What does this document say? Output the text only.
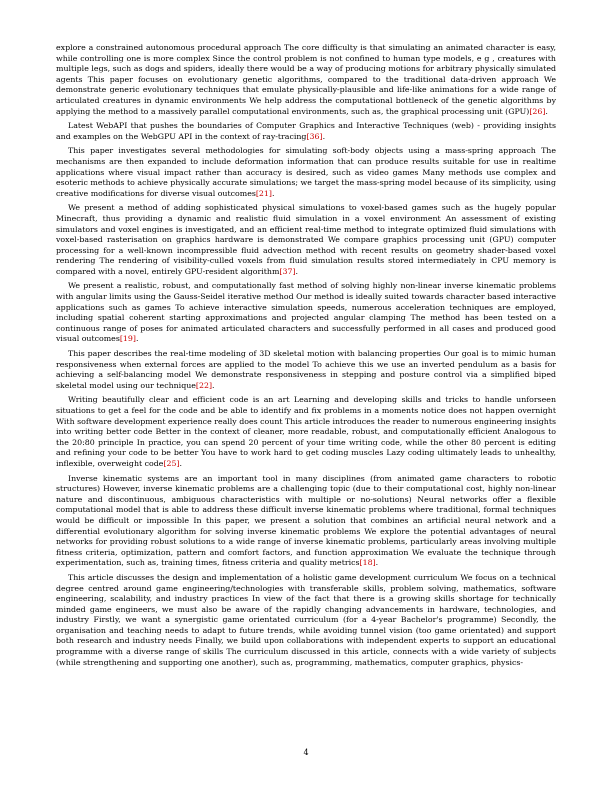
explore a constrained autonomous procedural approach The core difficulty is that simulating an animated character is easy, while controlling one is more complex Since the control problem is not confined to human type models, e g , creatures with multiple legs, such as dogs and spiders, ideally there would be a way of producing motions for arbitrary physically simulated agents This paper focuses on evolutionary genetic algorithms, compared to the traditional data-driven approach We demonstrate generic evolutionary techniques that emulate physically-plausible and life-like animations for a wide range of articulated creatures in dynamic environments We help address the computational bottleneck of the genetic algorithms by applying the method to a massively parallel computational environments, such as, the graphical processing unit (GPU)[26].

Latest WebAPI that pushes the boundaries of Computer Graphics and Interactive Techniques (web) - providing insights and examples on the WebGPU API in the context of ray-tracing[36].

This paper investigates several methodologies for simulating soft-body objects using a mass-spring approach The mechanisms are then expanded to include deformation information that can produce results suitable for use in realtime applications where visual impact rather than accuracy is desired, such as video games Many methods use complex and esoteric methods to achieve physically accurate simulations; we target the mass-spring model because of its simplicity, using creative modifications for diverse visual outcomes[21].

We present a method of adding sophisticated physical simulations to voxel-based games such as the hugely popular Minecraft, thus providing a dynamic and realistic fluid simulation in a voxel environment An assessment of existing simulators and voxel engines is investigated, and an efficient real-time method to integrate optimized fluid simulations with voxel-based rasterisation on graphics hardware is demonstrated We compare graphics processing unit (GPU) computer processing for a well-known incompressible fluid advection method with recent results on geometry shader-based voxel rendering The rendering of visibility-culled voxels from fluid simulation results stored intermediately in CPU memory is compared with a novel, entirely GPU-resident algorithm[37].

We present a realistic, robust, and computationally fast method of solving highly non-linear inverse kinematic problems with angular limits using the Gauss-Seidel iterative method Our method is ideally suited towards character based interactive applications such as games To achieve interactive simulation speeds, numerous acceleration techniques are employed, including spatial coherent starting approximations and projected angular clamping The method has been tested on a continuous range of poses for animated articulated characters and successfully performed in all cases and produced good visual outcomes[19].

This paper describes the real-time modeling of 3D skeletal motion with balancing properties Our goal is to mimic human responsiveness when external forces are applied to the model To achieve this we use an inverted pendulum as a basis for achieving a self-balancing model We demonstrate responsiveness in stepping and posture control via a simplified biped skeletal model using our technique[22].

Writing beautifully clear and efficient code is an art Learning and developing skills and tricks to handle unforseen situations to get a feel for the code and be able to identify and fix problems in a moments notice does not happen overnight With software development experience really does count This article introduces the reader to numerous engineering insights into writing better code Better in the context of cleaner, more readable, robust, and computationally efficient Analogous to the 20:80 principle In practice, you can spend 20 percent of your time writing code, while the other 80 percent is editing and refining your code to be better You have to work hard to get coding muscles Lazy coding ultimately leads to unhealthy, inflexible, overweight code[25].

Inverse kinematic systems are an important tool in many disciplines (from animated game characters to robotic structures) However, inverse kinematic problems are a challenging topic (due to their computational cost, highly non-linear nature and discontinuous, ambiguous characteristics with multiple or no-solutions) Neural networks offer a flexible computational model that is able to address these difficult inverse kinematic problems where traditional, formal techniques would be difficult or impossible In this paper, we present a solution that combines an artificial neural network and a differential evolutionary algorithm for solving inverse kinematic problems We explore the potential advantages of neural networks for providing robust solutions to a wide range of inverse kinematic problems, particularly areas involving multiple fitness criteria, optimization, pattern and comfort factors, and function approximation We evaluate the technique through experimentation, such as, training times, fitness criteria and quality metrics[18].

This article discusses the design and implementation of a holistic game development curriculum We focus on a technical degree centred around game engineering/technologies with transferable skills, problem solving, mathematics, software engineering, scalability, and industry practices In view of the fact that there is a growing skills shortage for technically minded game engineers, we must also be aware of the rapidly changing advancements in hardware, technologies, and industry Firstly, we want a synergistic game orientated curriculum (for a 4-year Bachelor's programme) Secondly, the organisation and teaching needs to adapt to future trends, while avoiding tunnel vision (too game orientated) and support both research and industry needs Finally, we build upon collaborations with independent experts to support an educational programme with a diverse range of skills The curriculum discussed in this article, connects with a wide variety of subjects (while strengthening and supporting one another), such as, programming, mathematics, computer graphics, physics-

4
